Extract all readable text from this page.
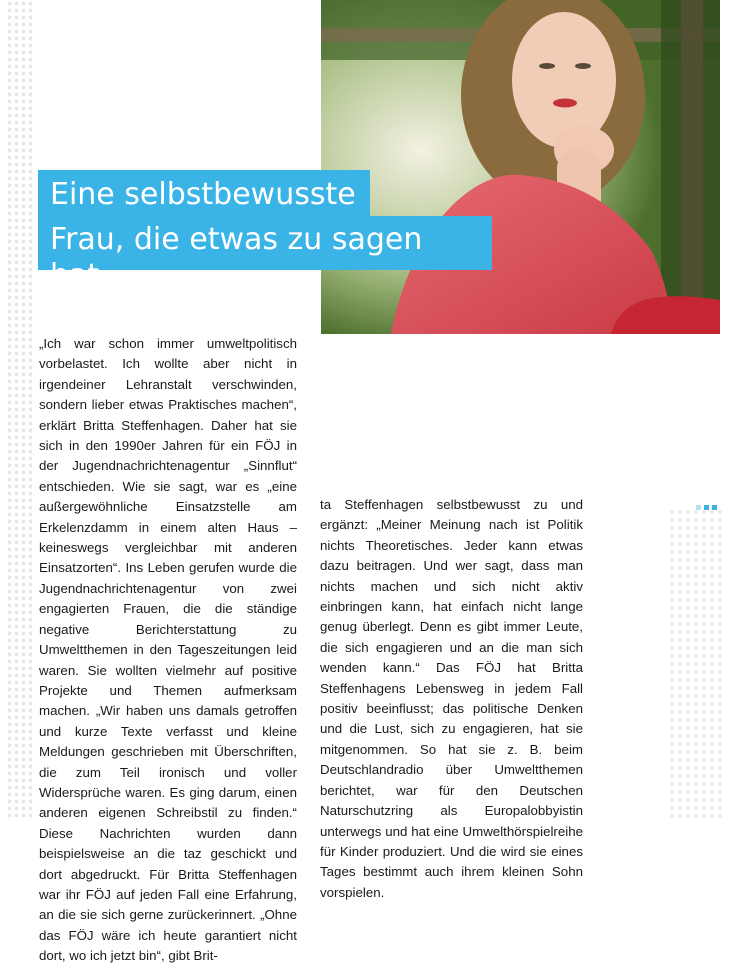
Eine selbstbewusste
Frau, die etwas zu sagen hat

„Ich war schon immer umweltpolitisch vorbelastet. Ich wollte aber nicht in irgendeiner Lehranstalt verschwinden, sondern lieber etwas Praktisches machen“, erklärt Britta Steffenhagen. Daher hat sie sich in den 1990er Jahren für ein FÖJ in der Jugendnachrichtenagentur „Sinnflut“ entschieden. Wie sie sagt, war es „eine außergewöhnliche Einsatzstelle am Erkelenzdamm in einem alten Haus – keineswegs vergleichbar mit anderen Einsatzorten“. Ins Leben gerufen wurde die Jugendnachrichtenagentur von zwei engagierten Frauen, die die ständige negative Berichterstattung zu Umweltthemen in den Tageszeitungen leid waren. Sie wollten vielmehr auf positive Projekte und Themen aufmerksam machen. „Wir haben uns damals getroffen und kurze Texte verfasst und kleine Meldungen geschrieben mit Überschriften, die zum Teil ironisch und voller Widersprüche waren. Es ging darum, einen anderen eigenen Schreibstil zu finden.“ Diese Nachrichten wurden dann beispielsweise an die taz geschickt und dort abgedruckt. Für Britta Steffenhagen war ihr FÖJ auf jeden Fall eine Erfahrung, an die sie sich gerne zurückerinnert. „Ohne das FÖJ wäre ich heute garantiert nicht dort, wo ich jetzt bin“, gibt Brit-

ta Steffenhagen selbstbewusst zu und ergänzt: „Meiner Meinung nach ist Politik nichts Theoretisches. Jeder kann etwas dazu beitragen. Und wer sagt, dass man nichts machen und sich nicht aktiv einbringen kann, hat einfach nicht lange genug überlegt. Denn es gibt immer Leute, die sich engagieren und an die man sich wenden kann.“ Das FÖJ hat Britta Steffenhagens Lebensweg in jedem Fall positiv beeinflusst; das politische Denken und die Lust, sich zu engagieren, hat sie mitgenommen. So hat sie z. B. beim Deutschlandradio über Umweltthemen berichtet, war für den Deutschen Naturschutzring als Europalobbyistin unterwegs und hat eine Umwelthörspielreihe für Kinder produziert. Und die wird sie eines Tages bestimmt auch ihrem kleinen Sohn vorspielen.
